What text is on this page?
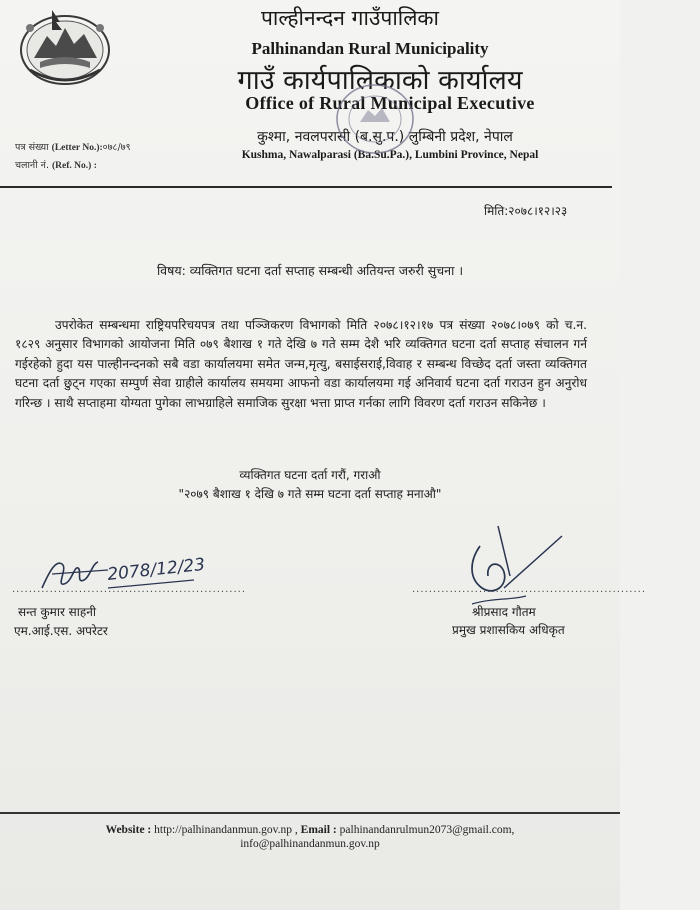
पाल्हीनन्दन गाउँपालिका
Palhinandan Rural Municipality
गाउँ कार्यपालिकाको कार्यालय
Office of Rural Municipal Executive
कुश्मा, नवलपरासी (ब.सु.प.) लुम्बिनी प्रदेश, नेपाल
Kushma, Nawalparasi (Ba.Su.Pa.), Lumbini Province, Nepal
पत्र संख्या (Letter No.):०७८/७९
चलानी नं. (Ref. No.) :
मिति:२०७८।१२।२३
विषय: व्यक्तिगत घटना दर्ता सप्ताह सम्बन्धी अतियन्त जरुरी सुचना ।
उपरोकेत सम्बन्धमा राष्ट्रियपरिचयपत्र तथा पञ्जिकरण विभागको मिति २०७८।१२।१७ पत्र संख्या २०७८।०७९ को च.न. १८२९ अनुसार विभागको आयोजना मिति ०७९ बैशाख १ गते देखि ७ गते सम्म देशै भरि व्यक्तिगत घटना दर्ता सप्ताह संचालन गर्न गईरहेको हुदा यस पाल्हीनन्दनको सबै वडा कार्यालयमा समेत जन्म,मृत्यु, बसाईसराई,विवाह र सम्बन्ध विच्छेद दर्ता जस्ता व्यक्तिगत घटना दर्ता छुट्न गएका सम्पुर्ण सेवा ग्राहीले कार्यालय समयमा आफनो वडा कार्यालयमा गई अनिवार्य घटना दर्ता गराउन हुन अनुरोध गरिन्छ । साथै सप्ताहमा योग्यता पुगेका लाभग्राहिले समाजिक सुरक्षा भत्ता प्राप्त गर्नका लागि विवरण दर्ता गराउन सकिनेछ ।
व्यक्तिगत घटना दर्ता गरौं, गराऔ
"२०७९ बैशाख १ देखि ७ गते सम्म घटना दर्ता सप्ताह मनाऔ"
2078/12/23
........................................................	........................................................
सन्त कुमार साहनी
एम.आई.एस. अपरेटर
श्रीप्रसाद गौतम
प्रमुख प्रशासकिय अधिकृत
Website : http://palhinandanmun.gov.np , Email : palhinandanrulmun2073@gmail.com,
info@palhinandanmun.gov.np
